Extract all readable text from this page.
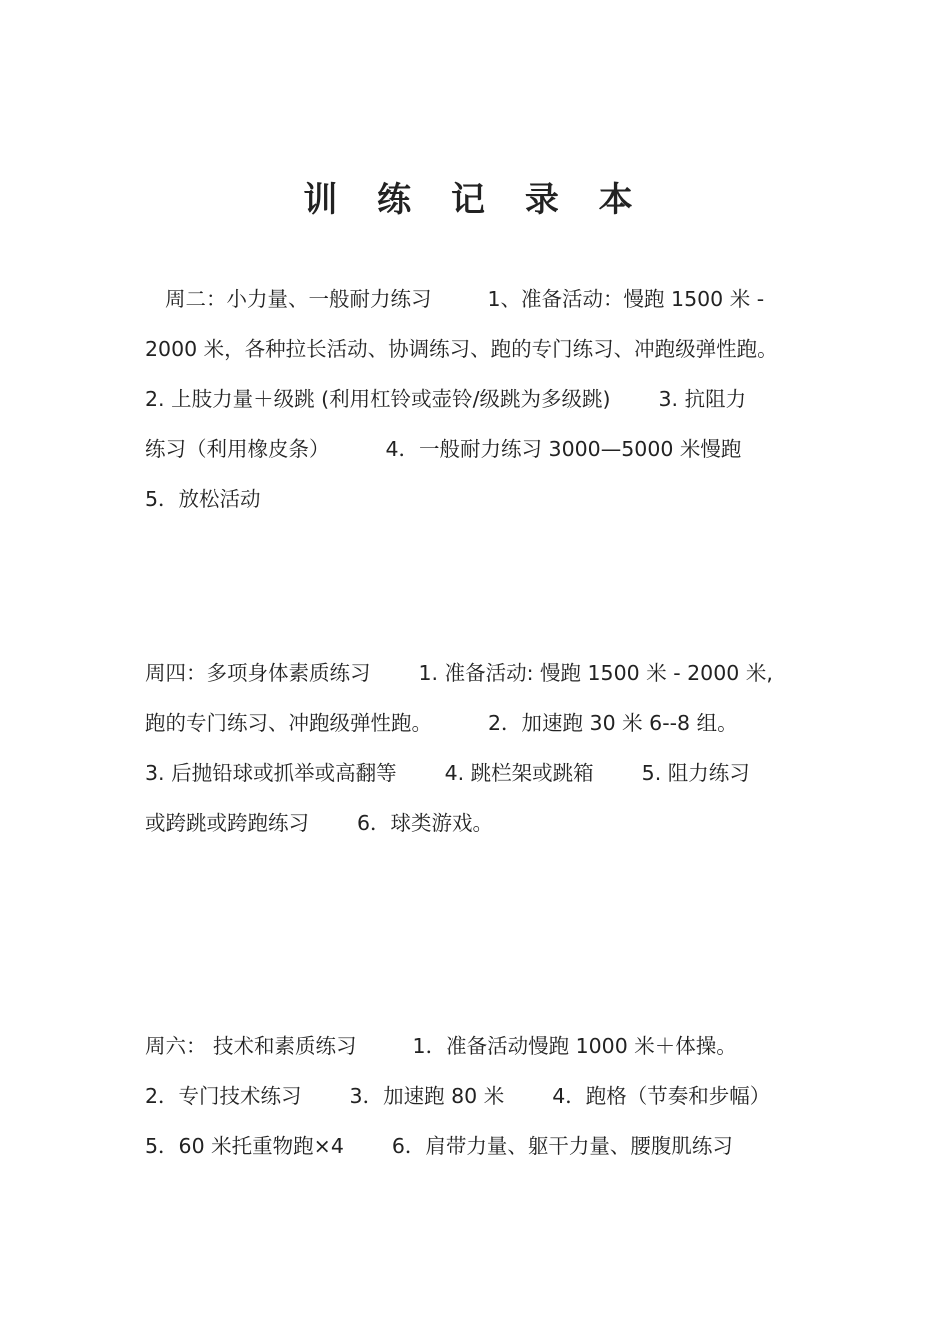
训 练 记 录 本
周二：小力量、一般耐力练习	1、准备活动：慢跑 1500 米 -
2000 米，各种拉长活动、协调练习、跑的专门练习、冲跑级弹性跑。
2. 上肢力量＋级跳 (利用杠铃或壶铃/级跳为多级跳) 3. 抗阻力
练习（利用橡皮条）	4．一般耐力练习 3000—5000 米慢跑
5．放松活动
周四：多项身体素质练习 1. 准备活动: 慢跑 1500 米 - 2000 米,
跑的专门练习、冲跑级弹性跑。	2．加速跑 30 米 6--8 组。
3. 后抛铅球或抓举或高翻等 4. 跳栏架或跳箱 5. 阻力练习
或跨跳或跨跑练习 6．球类游戏。
周六： 技术和素质练习	1．准备活动慢跑 1000 米＋体操。
2．专门技术练习 3．加速跑 80 米 4．跑格（节奏和步幅）
5．60 米托重物跑×4 6．肩带力量、躯干力量、腰腹肌练习
